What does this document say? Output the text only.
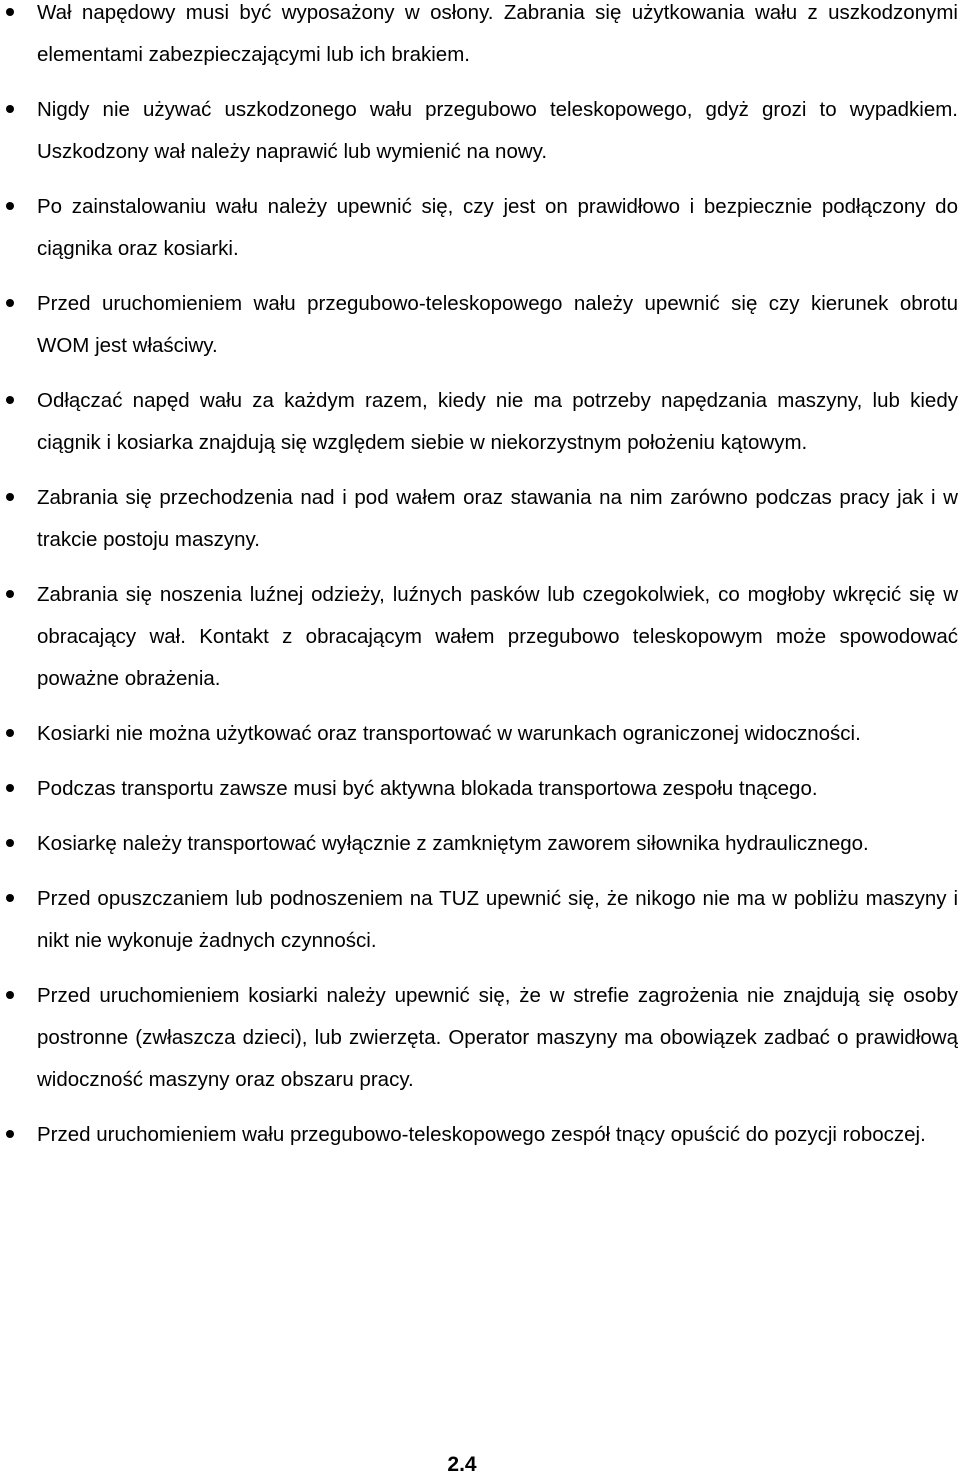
Wał napędowy musi być wyposażony w osłony. Zabrania się użytkowania wału z uszkodzonymi elementami zabezpieczającymi lub ich brakiem.
Nigdy nie używać uszkodzonego wału przegubowo teleskopowego, gdyż grozi to wypadkiem. Uszkodzony wał należy naprawić lub wymienić na nowy.
Po zainstalowaniu wału należy upewnić się, czy jest on prawidłowo i bezpiecznie podłączony do ciągnika oraz kosiarki.
Przed uruchomieniem wału przegubowo-teleskopowego należy upewnić się czy kierunek obrotu WOM jest właściwy.
Odłączać napęd wału za każdym razem, kiedy nie ma potrzeby napędzania maszyny, lub kiedy ciągnik i kosiarka znajdują się względem siebie w niekorzystnym położeniu kątowym.
Zabrania się przechodzenia nad i pod wałem oraz stawania na nim zarówno podczas pracy jak i w trakcie postoju maszyny.
Zabrania się noszenia luźnej odzieży, luźnych pasków lub czegokolwiek, co mogłoby wkręcić się w obracający wał. Kontakt z obracającym wałem przegubowo teleskopowym może spowodować poważne obrażenia.
Kosiarki nie można użytkować oraz transportować w warunkach ograniczonej widoczności.
Podczas transportu zawsze musi być aktywna blokada transportowa zespołu tnącego.
Kosiarkę należy transportować wyłącznie z zamkniętym zaworem siłownika hydraulicznego.
Przed opuszczaniem lub podnoszeniem na TUZ upewnić się, że nikogo nie ma w pobliżu maszyny i nikt nie wykonuje żadnych czynności.
Przed uruchomieniem kosiarki należy upewnić się, że w strefie zagrożenia nie znajdują się osoby postronne (zwłaszcza dzieci), lub zwierzęta. Operator maszyny ma obowiązek zadbać o prawidłową widoczność maszyny oraz obszaru pracy.
Przed uruchomieniem wału przegubowo-teleskopowego zespół tnący opuścić do pozycji roboczej.
2.4
